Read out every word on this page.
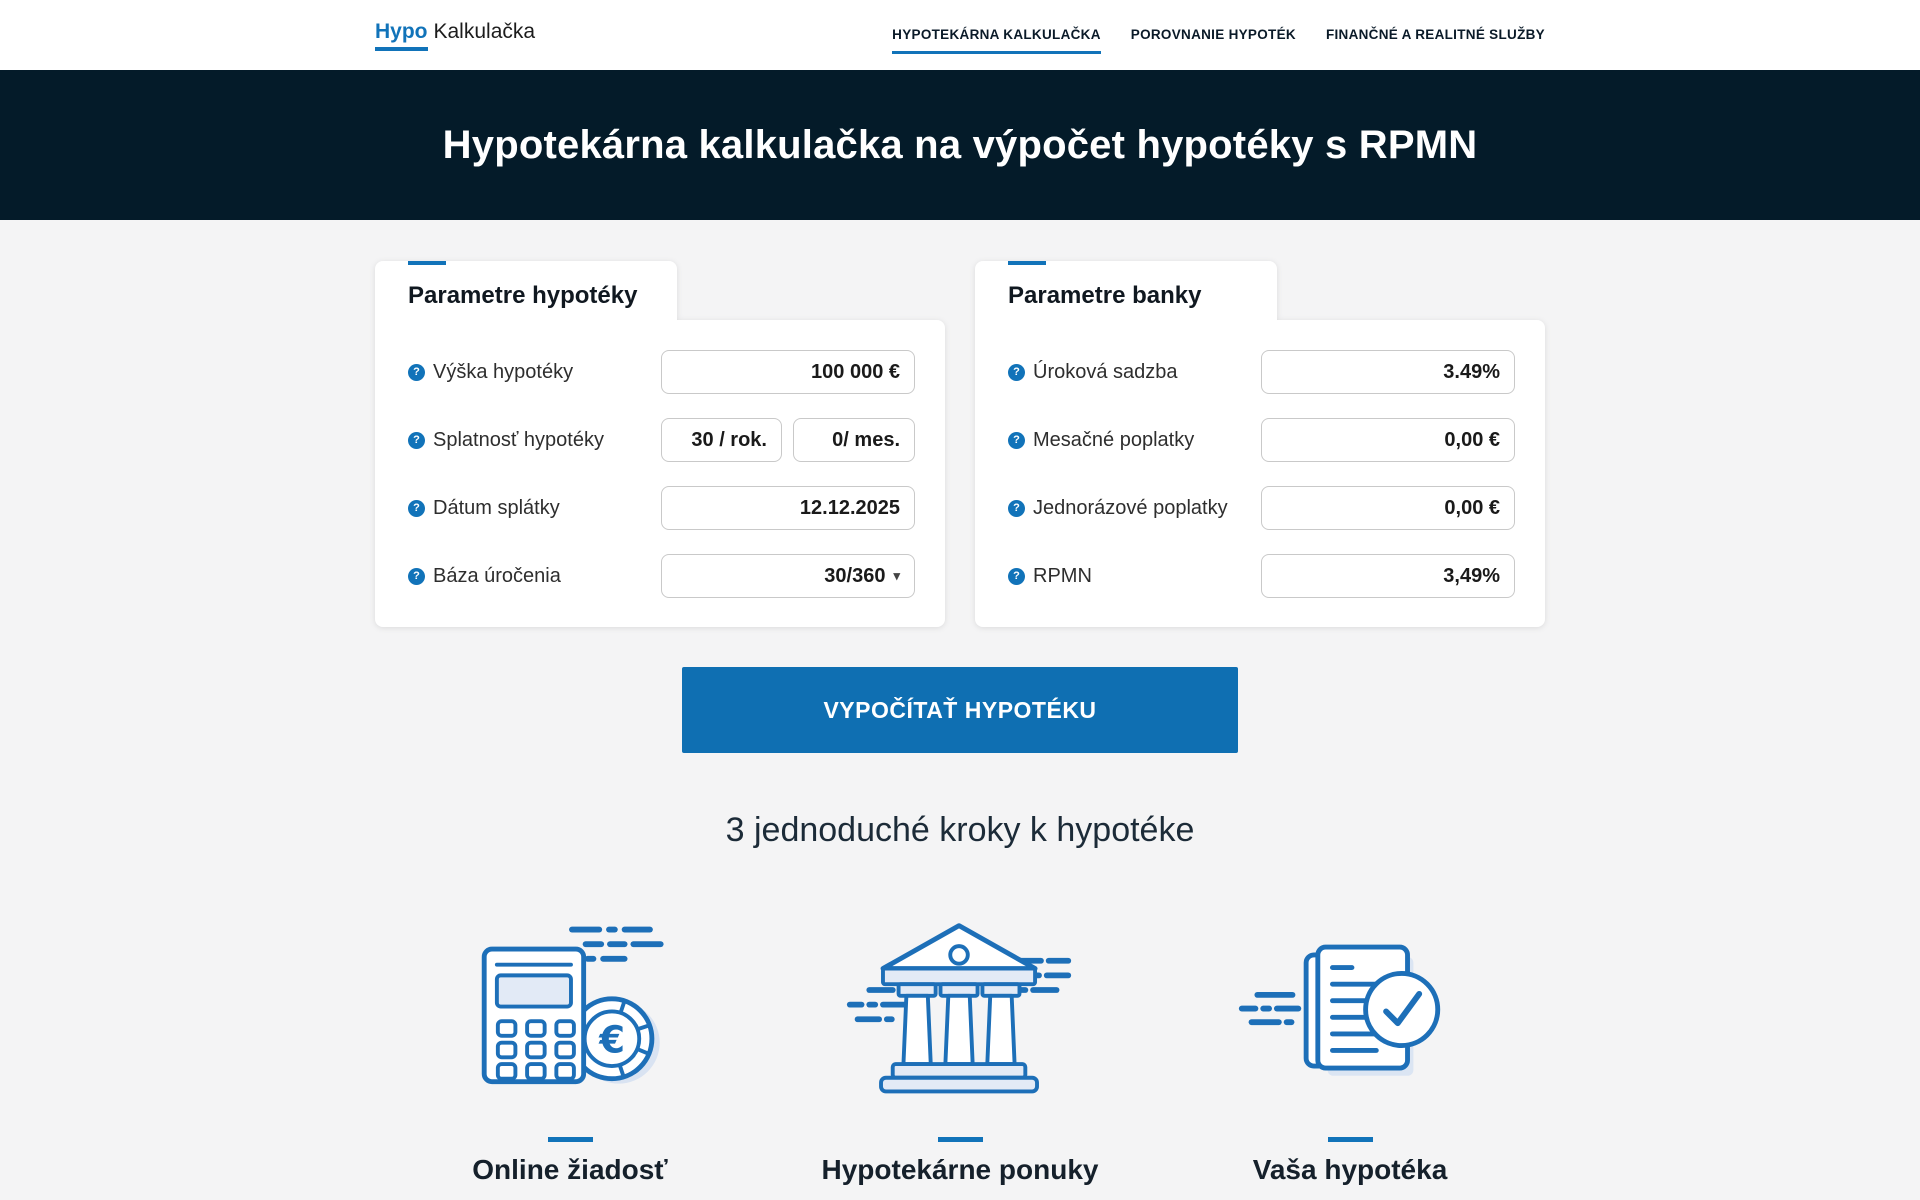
Hypo Kalkulačka	HYPOTEKÁRNA KALKULAČKA POROVNANIE HYPOTÉK FINANČNÉ A REALITNÉ SLUŽBY
Hypotekárna kalkulačka na výpočet hypotéky s RPMN
Parametre hypotéky
? Výška hypotéky	100 000 €
? Splatnosť hypotéky	30 / rok.	0/ mes.
? Dátum splátky	12.12.2025
? Báza úročenia	30/360 ▾
Parametre banky
? Úroková sadzba	3.49%
? Mesačné poplatky	0,00 €
? Jednorázové poplatky	0,00 €
? RPMN	3,49%
VYPOČÍTAŤ HYPOTÉKU
3 jednoduché kroky k hypotéke
€
Online žiadosť	Hypotekárne ponuky	Vaša hypotéka
